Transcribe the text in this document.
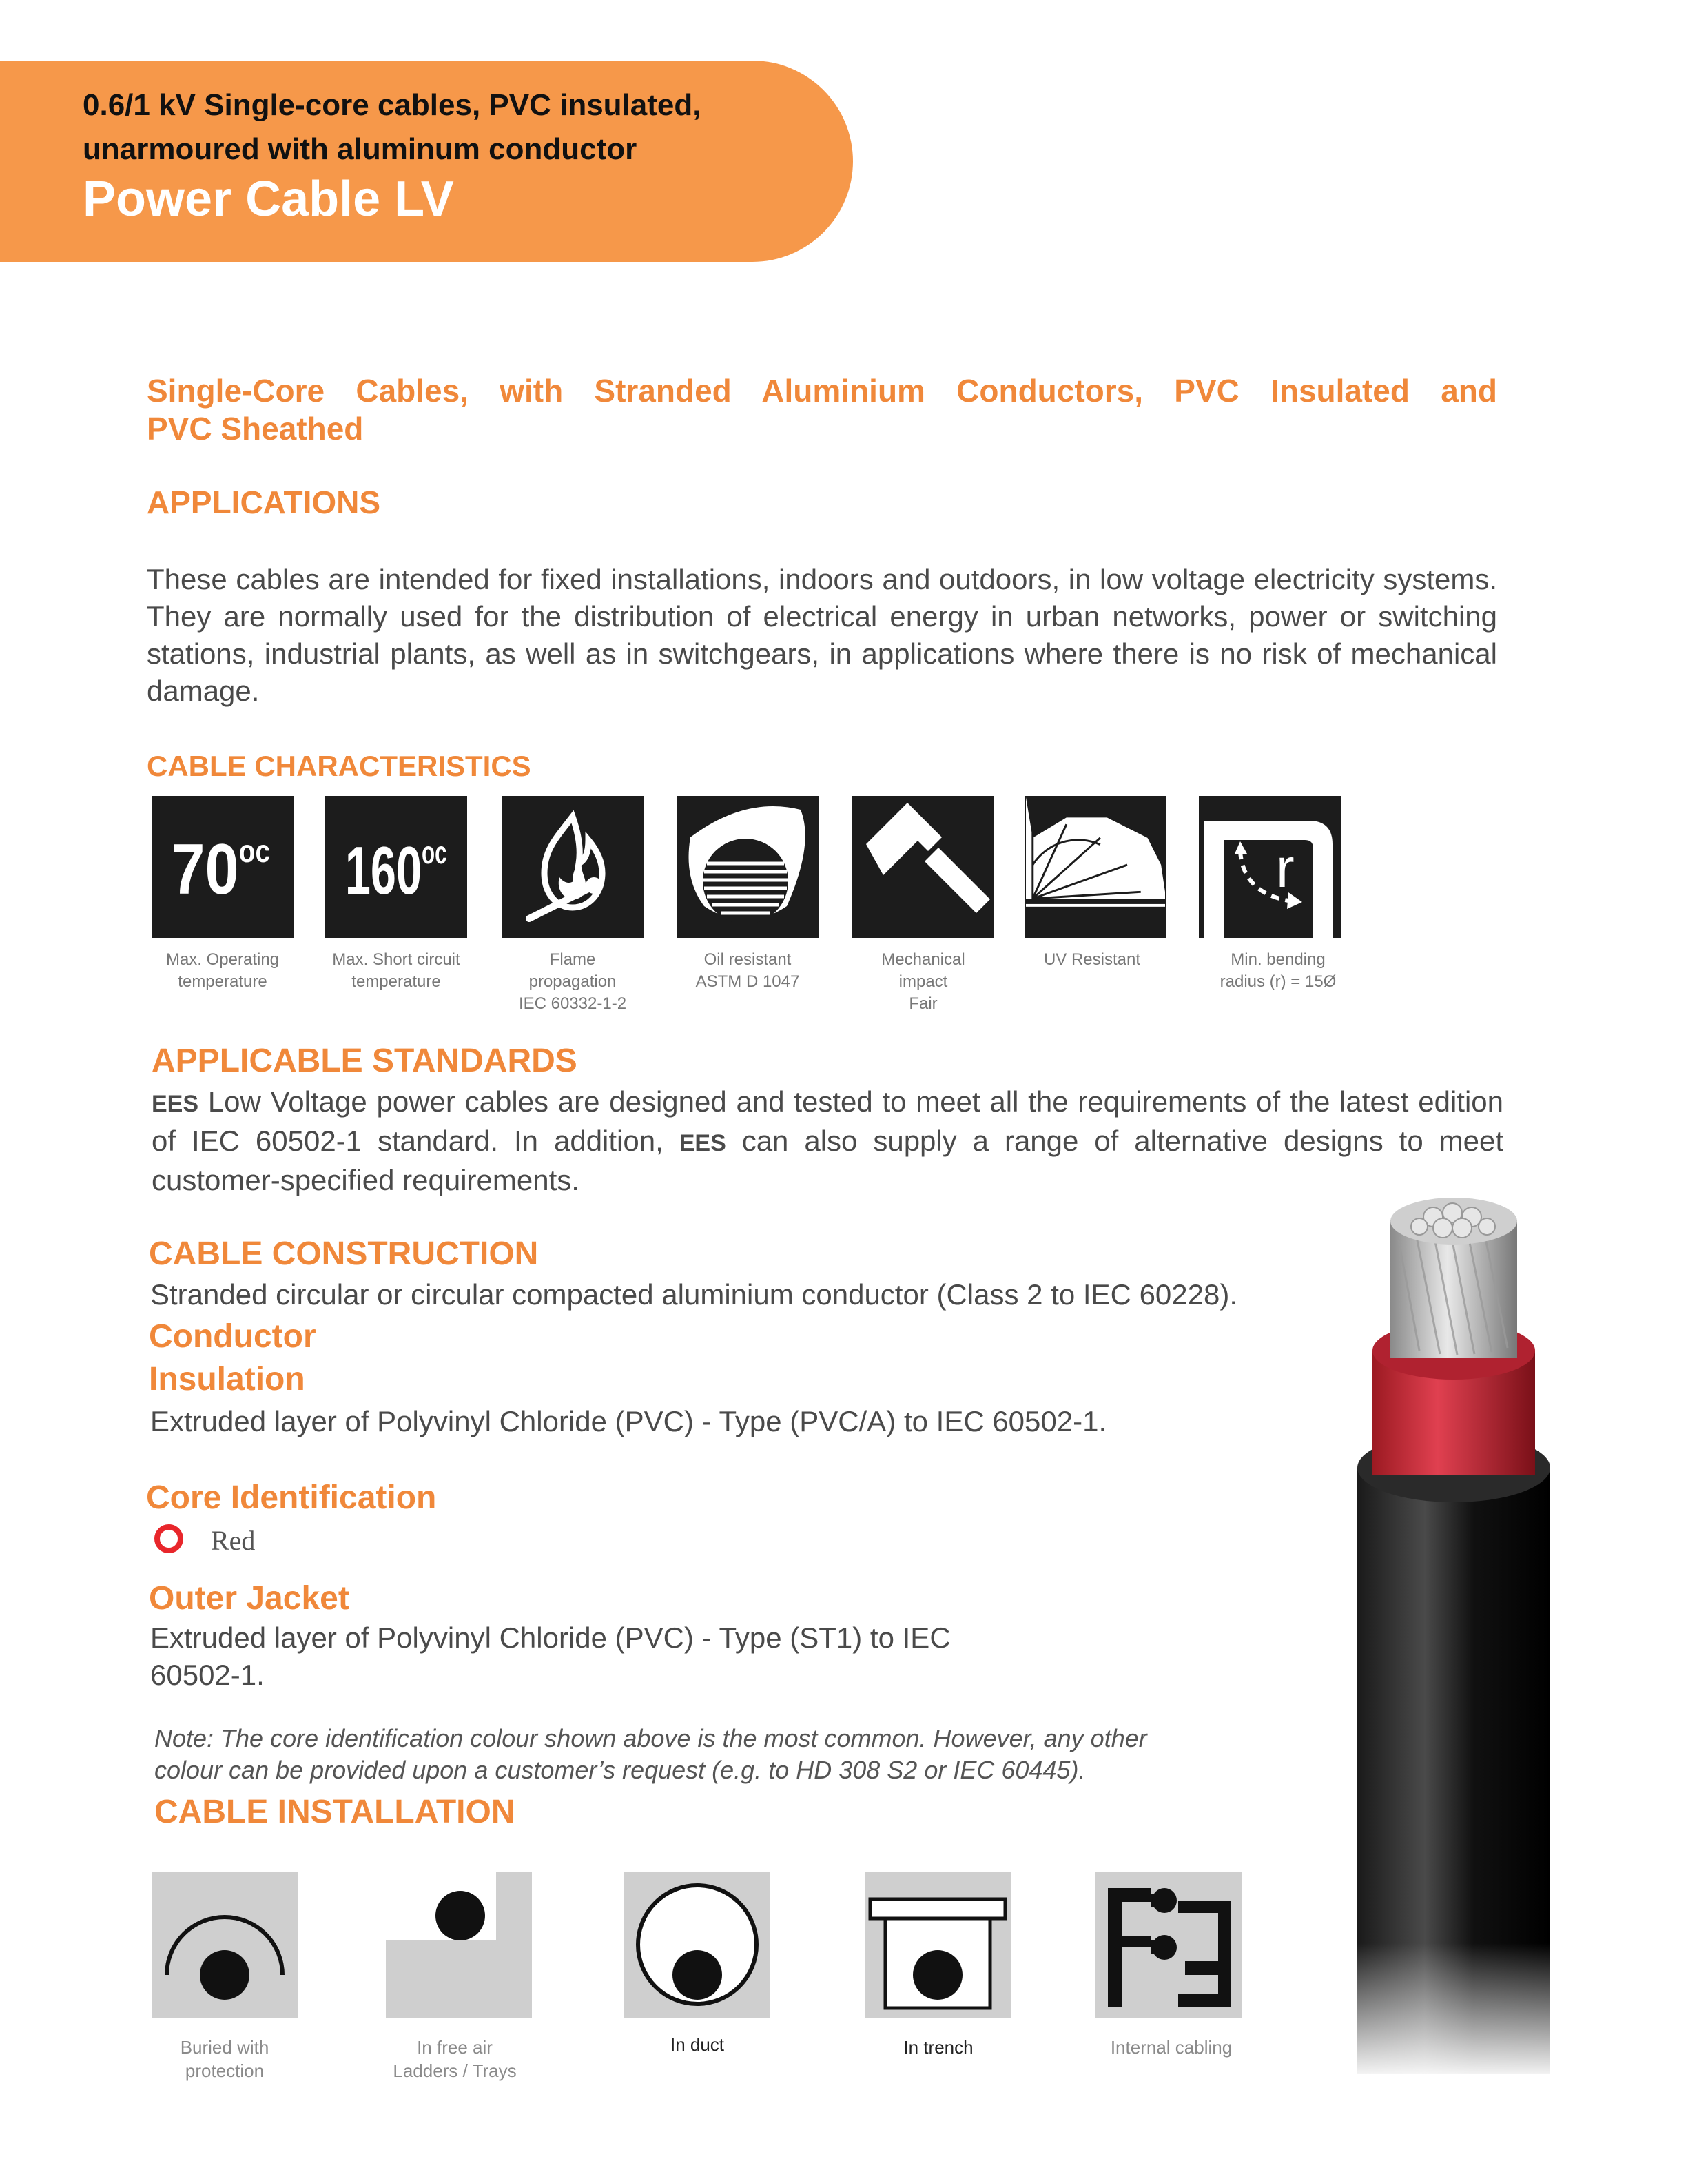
0.6/1 kV Single-core cables, PVC insulated,
unarmoured with aluminum conductor
Power Cable LV
Single-Core Cables, with Stranded Aluminium Conductors, PVC Insulated and
PVC Sheathed
APPLICATIONS
These cables are intended for fixed installations, indoors and outdoors, in low voltage electricity systems. They are normally used for the distribution of electrical energy in urban networks, power or switching stations, industrial plants, as well as in switchgears, in applications where there is no risk of mechanical damage.
CABLE CHARACTERISTICS
$70^{oc}$ $160^{oc}$	r
Max. Operating
temperature
Max. Short circuit
temperature
Flame
propagation
IEC 60332-1-2
Oil resistant
ASTM D 1047
Mechanical
impact
Fair
UV Resistant	Min. bending
radius (r) = 15Ø
APPLICABLE STANDARDS
EES Low Voltage power cables are designed and tested to meet all the requirements of the latest edition
of IEC 60502-1 standard. In addition, EES can also supply a range of alternative designs to meet
customer-specified requirements.
CABLE CONSTRUCTION
Stranded circular or circular compacted aluminium conductor (Class 2 to IEC 60228).
Conductor
Insulation
Extruded layer of Polyvinyl Chloride (PVC) - Type (PVC/A) to IEC 60502-1.
Core Identification
Red
Outer Jacket
Extruded layer of Polyvinyl Chloride (PVC) - Type (ST1) to IEC
60502-1.
Note: The core identification colour shown above is the most common. However, any other
colour can be provided upon a customer’s request (e.g. to HD 308 S2 or IEC 60445).
CABLE INSTALLATION
Buried with
protection
In free air
Ladders / Trays
In duct	In trench	Internal cabling
